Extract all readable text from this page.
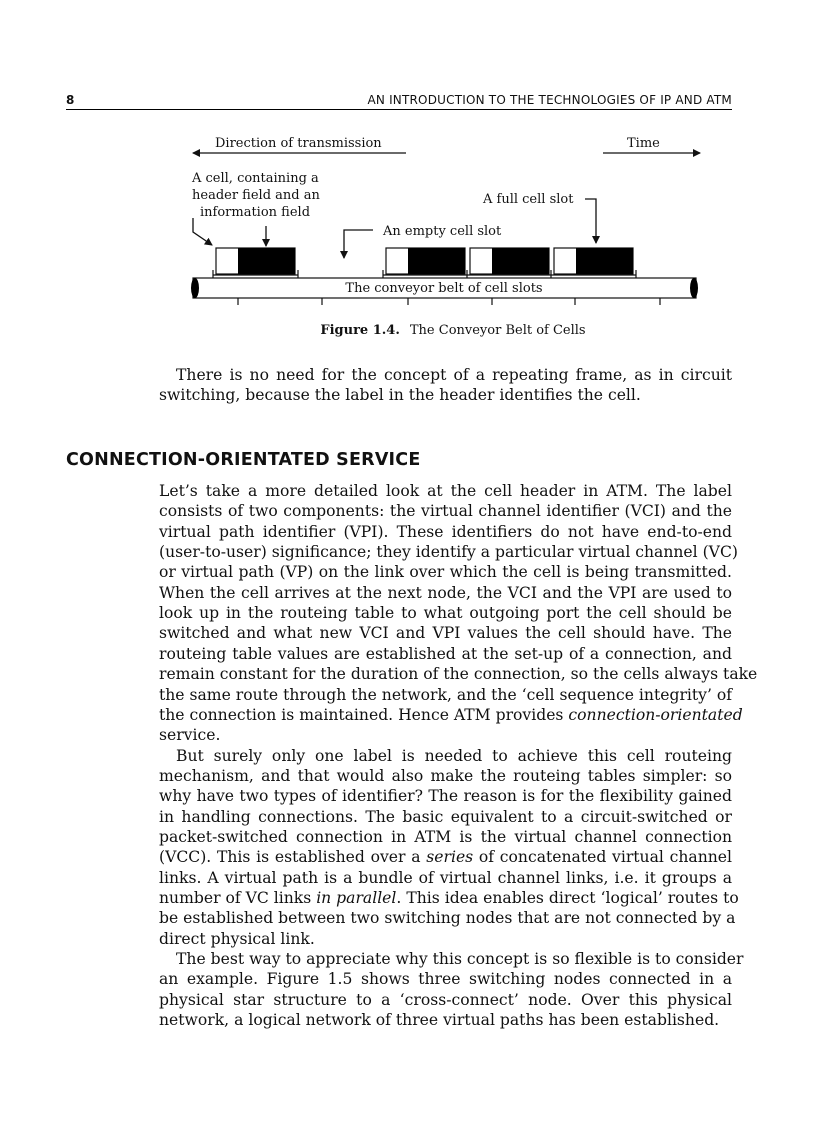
8	AN INTRODUCTION TO THE TECHNOLOGIES OF IP AND ATM
Direction of transmission	Time
A cell, containing a
header field and an
information field
A full cell slot
An empty cell slot
The conveyor belt of cell slots
Figure 1.4. The Conveyor Belt of Cells
There is no need for the concept of a repeating frame, as in circuit
switching, because the label in the header identifies the cell.
CONNECTION-ORIENTATED SERVICE
Let’s take a more detailed look at the cell header in ATM. The label
consists of two components: the virtual channel identifier (VCI) and the
virtual path identifier (VPI). These identifiers do not have end-to-end
(user-to-user) significance; they identify a particular virtual channel (VC)
or virtual path (VP) on the link over which the cell is being transmitted.
When the cell arrives at the next node, the VCI and the VPI are used to
look up in the routeing table to what outgoing port the cell should be
switched and what new VCI and VPI values the cell should have. The
routeing table values are established at the set-up of a connection, and
remain constant for the duration of the connection, so the cells always take
the same route through the network, and the ‘cell sequence integrity’ of
the connection is maintained. Hence ATM provides connection-orientated
service.
But surely only one label is needed to achieve this cell routeing
mechanism, and that would also make the routeing tables simpler: so
why have two types of identifier? The reason is for the flexibility gained
in handling connections. The basic equivalent to a circuit-switched or
packet-switched connection in ATM is the virtual channel connection
(VCC). This is established over a series of concatenated virtual channel
links. A virtual path is a bundle of virtual channel links, i.e. it groups a
number of VC links in parallel. This idea enables direct ‘logical’ routes to
be established between two switching nodes that are not connected by a
direct physical link.
The best way to appreciate why this concept is so flexible is to consider
an example. Figure 1.5 shows three switching nodes connected in a
physical star structure to a ‘cross-connect’ node. Over this physical
network, a logical network of three virtual paths has been established.
